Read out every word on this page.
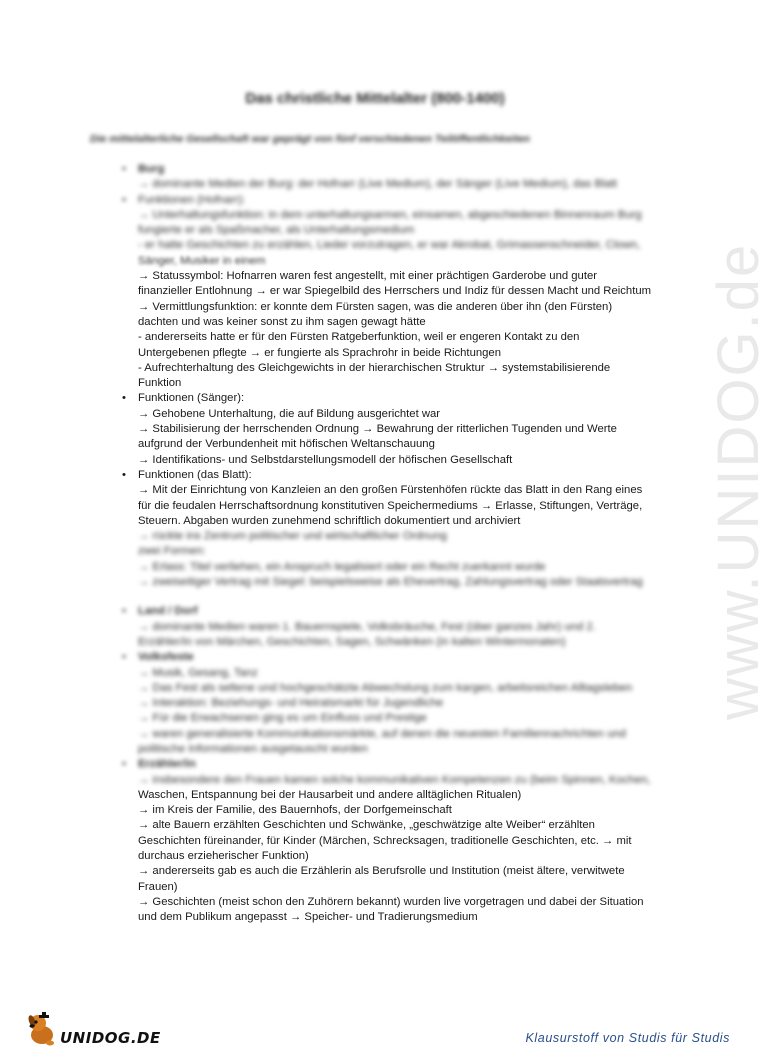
www.UNIDOG.de
Das christliche Mittelalter (800-1400)
Die mittelalterliche Gesellschaft war geprägt von fünf verschiedenen Teilöffentlichkeiten
•	Burg
→ dominante Medien der Burg: der Hofnarr (Live Medium), der Sänger (Live Medium), das Blatt
•	Funktionen (Hofnarr):
→ Unterhaltungsfunktion: in dem unterhaltungsarmen, einsamen, abgeschiedenen Binnenraum Burg
fungierte er als Spaßmacher, als Unterhaltungsmedium
- er hatte Geschichten zu erzählen, Lieder vorzutragen, er war Akrobat, Grimassenschneider, Clown,
Sänger, Musiker in einem
→ Statussymbol: Hofnarren waren fest angestellt, mit einer prächtigen Garderobe und guter
finanzieller Entlohnung → er war Spiegelbild des Herrschers und Indiz für dessen Macht und Reichtum
→ Vermittlungsfunktion: er konnte dem Fürsten sagen, was die anderen über ihn (den Fürsten)
dachten und was keiner sonst zu ihm sagen gewagt hätte
- andererseits hatte er für den Fürsten Ratgeberfunktion, weil er engeren Kontakt zu den
Untergebenen pflegte → er fungierte als Sprachrohr in beide Richtungen
- Aufrechterhaltung des Gleichgewichts in der hierarchischen Struktur → systemstabilisierende
Funktion
•	Funktionen (Sänger):
→ Gehobene Unterhaltung, die auf Bildung ausgerichtet war
→ Stabilisierung der herrschenden Ordnung → Bewahrung der ritterlichen Tugenden und Werte
aufgrund der Verbundenheit mit höfischen Weltanschauung
→ Identifikations- und Selbstdarstellungsmodell der höfischen Gesellschaft
•	Funktionen (das Blatt):
→ Mit der Einrichtung von Kanzleien an den großen Fürstenhöfen rückte das Blatt in den Rang eines
für die feudalen Herrschaftsordnung konstitutiven Speichermediums → Erlasse, Stiftungen, Verträge,
Steuern. Abgaben wurden zunehmend schriftlich dokumentiert und archiviert
→ rückte ins Zentrum politischer und wirtschaftlicher Ordnung
zwei Formen:
→ Erlass: Titel verliehen, ein Anspruch legalisiert oder ein Recht zuerkannt wurde
→ zweiseitiger Vertrag mit Siegel: beispielsweise als Ehevertrag, Zahlungsvertrag oder Staatsvertrag
•	Land / Dorf
→ dominante Medien waren 1. Bauernspiele, Volksbräuche, Fest (über ganzes Jahr) und 2.
Erzähler/in von Märchen, Geschichten, Sagen, Schwänken (in kalten Wintermonaten)
•	Volksfeste
→ Musik, Gesang, Tanz
→ Das Fest als seltene und hochgeschätzte Abwechslung zum kargen, arbeitsreichen Alltagsleben
→ Interaktion: Beziehungs- und Heiratsmarkt für Jugendliche
→ Für die Erwachsenen ging es um Einfluss und Prestige
→ waren generalisierte Kommunikationsmärkte, auf denen die neuesten Familiennachrichten und
politische Informationen ausgetauscht wurden
•	Erzähler/in
→ insbesondere den Frauen kamen solche kommunikativen Kompetenzen zu (beim Spinnen, Kochen,
Waschen, Entspannung bei der Hausarbeit und andere alltäglichen Ritualen)
→ im Kreis der Familie, des Bauernhofs, der Dorfgemeinschaft
→ alte Bauern erzählten Geschichten und Schwänke, „geschwätzige alte Weiber“ erzählten
Geschichten füreinander, für Kinder (Märchen, Schrecksagen, traditionelle Geschichten, etc. → mit
durchaus erzieherischer Funktion)
→ andererseits gab es auch die Erzählerin als Berufsrolle und Institution (meist ältere, verwitwete
Frauen)
→ Geschichten (meist schon den Zuhörern bekannt) wurden live vorgetragen und dabei der Situation
und dem Publikum angepasst → Speicher- und Tradierungsmedium
UNIDOG.DE	Klausurstoff von Studis für Studis
